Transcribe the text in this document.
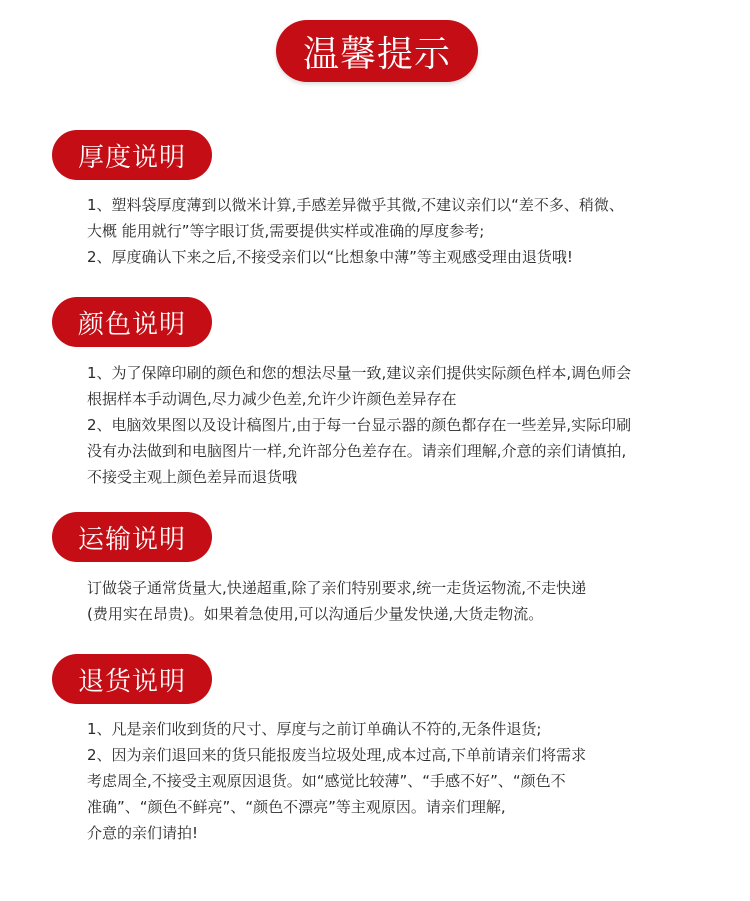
温馨提示
厚度说明
1、塑料袋厚度薄到以微米计算,手感差异微乎其微,不建议亲们以“差不多、稍微、
大概 能用就行”等字眼订货,需要提供实样或准确的厚度参考;
2、厚度确认下来之后,不接受亲们以“比想象中薄”等主观感受理由退货哦!
颜色说明
1、为了保障印刷的颜色和您的想法尽量一致,建议亲们提供实际颜色样本,调色师会
根据样本手动调色,尽力减少色差,允许少许颜色差异存在
2、电脑效果图以及设计稿图片,由于每一台显示器的颜色都存在一些差异,实际印刷
没有办法做到和电脑图片一样,允许部分色差存在。请亲们理解,介意的亲们请慎拍,
不接受主观上颜色差异而退货哦
运输说明
订做袋子通常货量大,快递超重,除了亲们特别要求,统一走货运物流,不走快递
(费用实在昂贵)。如果着急使用,可以沟通后少量发快递,大货走物流。
退货说明
1、凡是亲们收到货的尺寸、厚度与之前订单确认不符的,无条件退货;
2、因为亲们退回来的货只能报废当垃圾处理,成本过高,下单前请亲们将需求
考虑周全,不接受主观原因退货。如“感觉比较薄”、“手感不好”、“颜色不
准确”、“颜色不鲜亮”、“颜色不漂亮”等主观原因。请亲们理解,
介意的亲们请拍!
